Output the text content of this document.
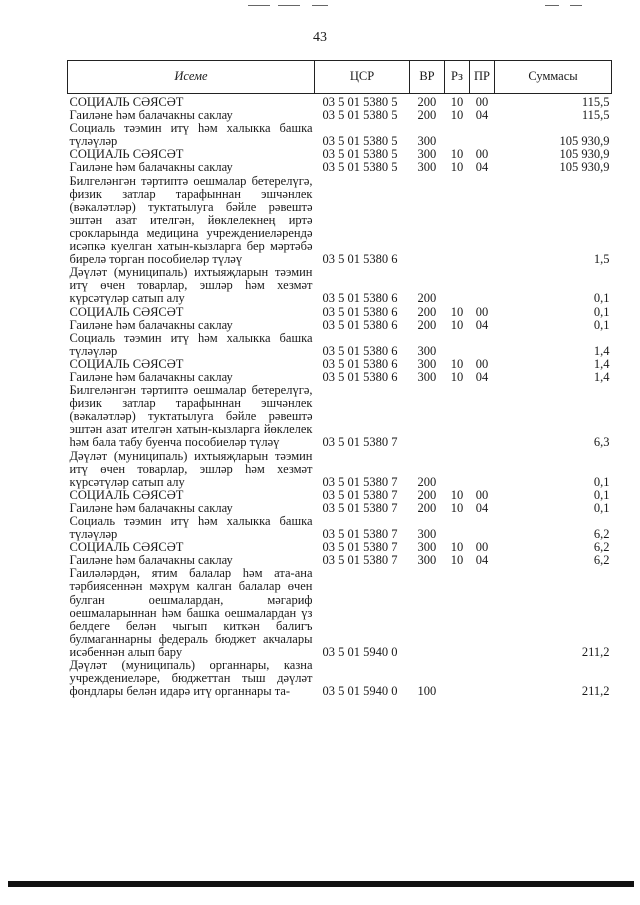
43
Исеме	ЦСР	ВР	Рз	ПР	Суммасы
СОЦИАЛЬ СӘЯСӘТ	03 5 01 5380 5	200	10	00	115,5
Гаиләне һәм балачакны саклау	03 5 01 5380 5	200	10	04	115,5
Социаль тәэмин итү һәм халыкка башка түләүләр	03 5 01 5380 5	300			105 930,9
СОЦИАЛЬ СӘЯСӘТ	03 5 01 5380 5	300	10	00	105 930,9
Гаиләне һәм балачакны саклау	03 5 01 5380 5	300	10	04	105 930,9
Билгеләнгән тәртиптә оешмалар бетерелүгә, физик затлар тарафыннан эшчәнлек (вәкаләтләр) туктатылуга бәйле рәвештә эштән азат ителгән, йөклелекнең иртә срокларында медицина учреждениеләрендә исәпкә куелган хатын-кызларга бер мәртәбә бирелә торган пособиеләр түләү	03 5 01 5380 6				1,5
Дәүләт (муниципаль) ихтыяҗларын тәэмин итү өчен товарлар, эшләр һәм хезмәт күрсәтүләр сатып алу	03 5 01 5380 6	200			0,1
СОЦИАЛЬ СӘЯСӘТ	03 5 01 5380 6	200	10	00	0,1
Гаиләне һәм балачакны саклау	03 5 01 5380 6	200	10	04	0,1
Социаль тәэмин итү һәм халыкка башка түләүләр	03 5 01 5380 6	300			1,4
СОЦИАЛЬ СӘЯСӘТ	03 5 01 5380 6	300	10	00	1,4
Гаиләне һәм балачакны саклау	03 5 01 5380 6	300	10	04	1,4
Билгеләнгән тәртиптә оешмалар бетерелүгә, физик затлар тарафыннан эшчәнлек (вәкаләтләр) туктатылуга бәйле рәвештә эштән азат ителгән хатын-кызларга йөклелек һәм бала табу буенча пособиеләр түләү	03 5 01 5380 7				6,3
Дәүләт (муниципаль) ихтыяҗларын тәэмин итү өчен товарлар, эшләр һәм хезмәт күрсәтүләр сатып алу	03 5 01 5380 7	200			0,1
СОЦИАЛЬ СӘЯСӘТ	03 5 01 5380 7	200	10	00	0,1
Гаиләне һәм балачакны саклау	03 5 01 5380 7	200	10	04	0,1
Социаль тәэмин итү һәм халыкка башка түләүләр	03 5 01 5380 7	300			6,2
СОЦИАЛЬ СӘЯСӘТ	03 5 01 5380 7	300	10	00	6,2
Гаиләне һәм балачакны саклау	03 5 01 5380 7	300	10	04	6,2
Гаиләләрдән, ятим балалар һәм ата-ана тәрбиясеннән мәхрүм калган балалар өчен булган оешмалардан, мәгариф оешмаларыннан һәм башка оешмалардан үз белдеге белән чыгып киткән балигъ булмаганнарны федераль бюджет акчалары исәбеннән алып бару	03 5 01 5940 0				211,2
Дәүләт (муниципаль) органнары, казна учреждениеләре, бюджеттан тыш дәүләт фондлары белән идарә итү органнары та-	03 5 01 5940 0	100			211,2
